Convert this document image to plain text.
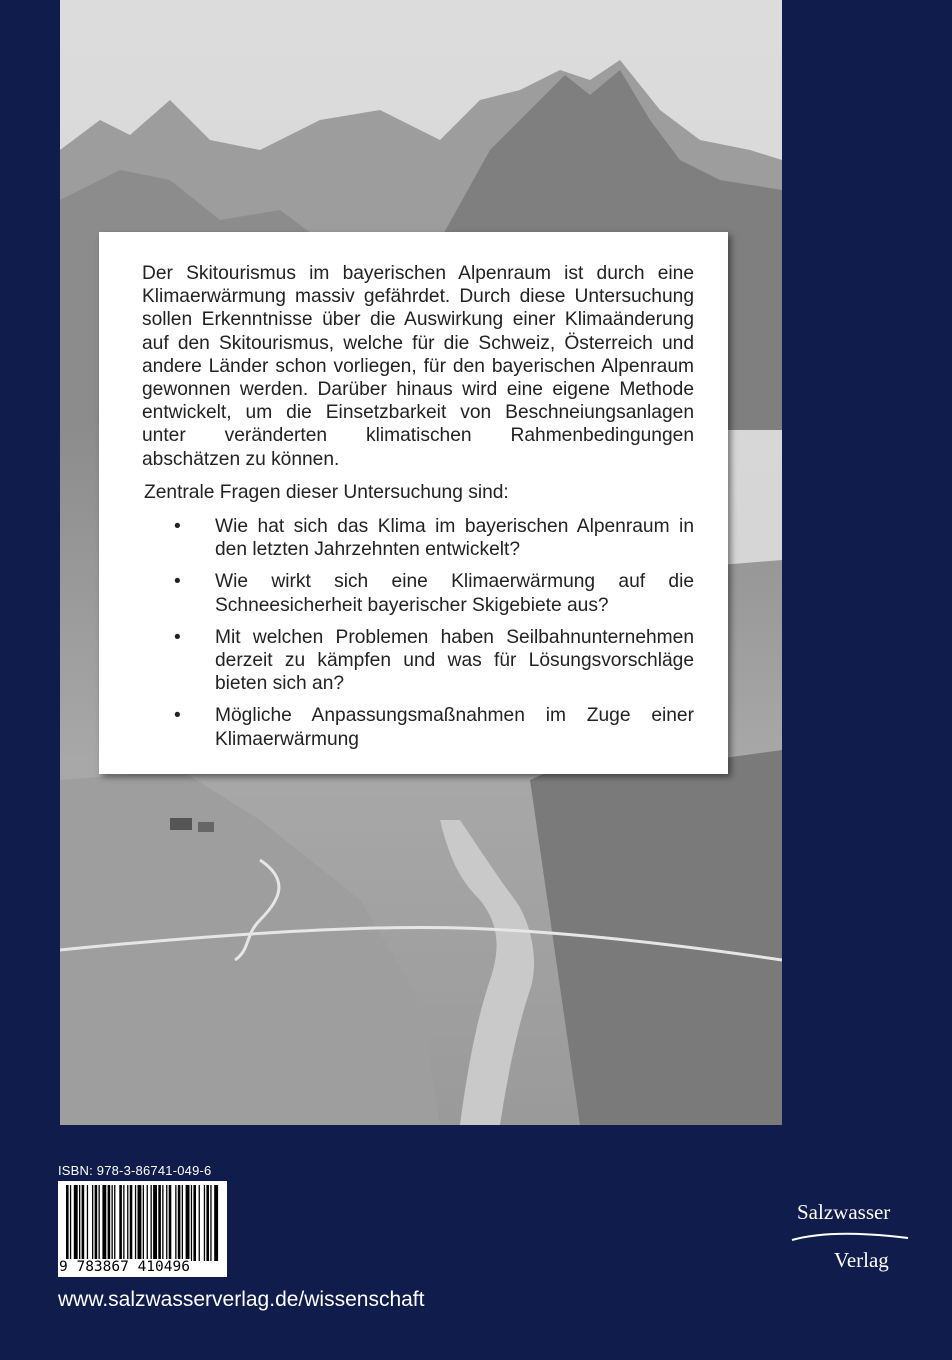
Der Skitourismus im bayerischen Alpenraum ist durch eine Klimaerwärmung massiv gefährdet. Durch diese Untersuchung sollen Erkenntnisse über die Auswirkung einer Klimaänderung auf den Skitourismus, welche für die Schweiz, Österreich und andere Länder schon vorliegen, für den bayerischen Alpenraum gewonnen werden. Darüber hinaus wird eine eigene Methode entwickelt, um die Einsetzbarkeit von Beschneiungsanlagen unter veränderten klimatischen Rahmenbedingungen abschätzen zu können.

Zentrale Fragen dieser Untersuchung sind:
• Wie hat sich das Klima im bayerischen Alpenraum in den letzten Jahrzehnten entwickelt?
• Wie wirkt sich eine Klimaerwärmung auf die Schneesicherheit bayerischer Skigebiete aus?
• Mit welchen Problemen haben Seilbahnunternehmen derzeit zu kämpfen und was für Lösungsvorschläge bieten sich an?
• Mögliche Anpassungsmaßnahmen im Zuge einer Klimaerwärmung
ISBN: 978-3-86741-049-6
9 783867 410496
www.salzwasserverlag.de/wissenschaft
Salzwasser
Verlag
